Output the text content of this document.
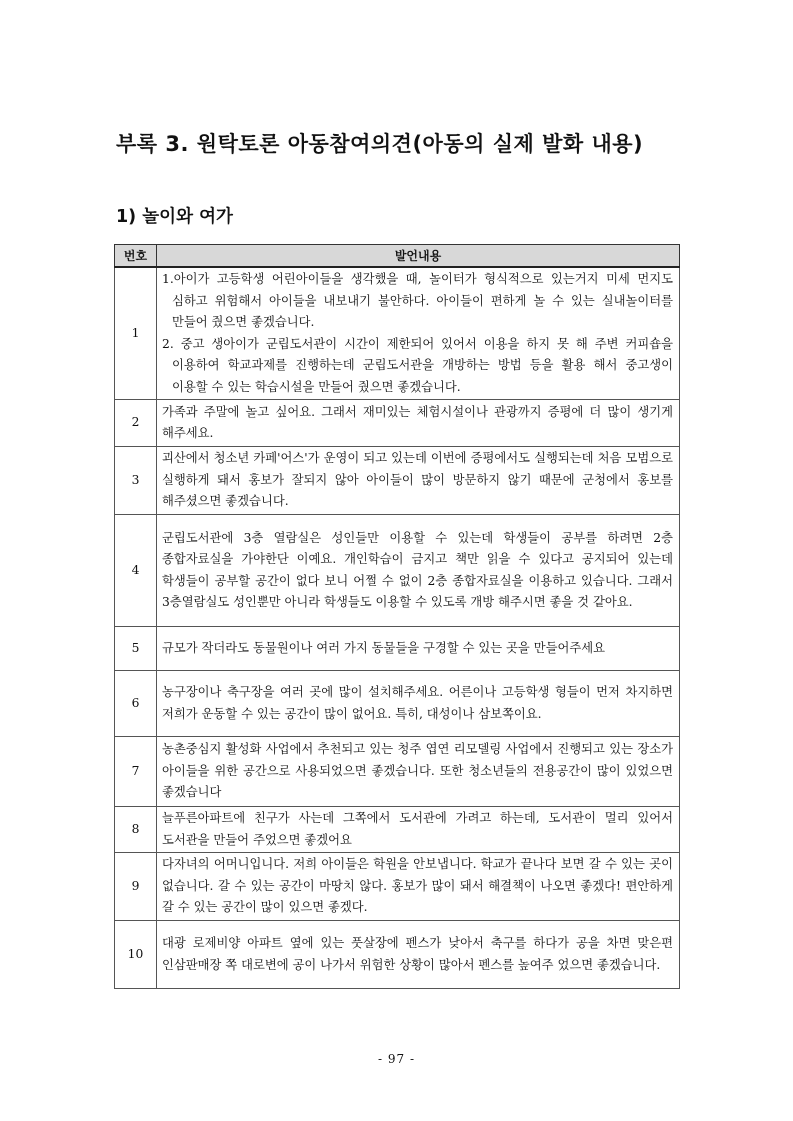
부록 3. 원탁토론 아동참여의견(아동의 실제 발화 내용)
1) 놀이와 여가
번호	발언내용
1	1.아이가 고등학생 어린아이들을 생각했을 때, 놀이터가 형식적으로 있는거지 미세 먼지도 심하고 위험해서 아이들을 내보내기 불안하다. 아이들이 편하게 놀 수 있는 실내놀이터를 만들어 줬으면 좋겠습니다.
2. 중고 생아이가 군립도서관이 시간이 제한되어 있어서 이용을 하지 못 해 주변 커피숍을 이용하여 학교과제를 진행하는데 군립도서관을 개방하는 방법 등을 활용 해서 중고생이 이용할 수 있는 학습시설을 만들어 줬으면 좋겠습니다.

2	가족과 주말에 놀고 싶어요. 그래서 재미있는 체험시설이나 관광까지 증평에 더 많이 생기게 해주세요.
3	괴산에서 청소년 카페'어스'가 운영이 되고 있는데 이번에 증평에서도 실행되는데 처음 모범으로 실행하게 돼서 홍보가 잘되지 않아 아이들이 많이 방문하지 않기 때문에 군청에서 홍보를 해주셨으면 좋겠습니다.
4	군립도서관에 3층 열람실은 성인들만 이용할 수 있는데 학생들이 공부를 하려면 2층 종합자료실을 가야한단 이예요. 개인학습이 금지고 책만 읽을 수 있다고 공지되어 있는데 학생들이 공부할 공간이 없다 보니 어쩔 수 없이 2층 종합자료실을 이용하고 있습니다. 그래서 3층열람실도 성인뿐만 아니라 학생들도 이용할 수 있도록 개방 해주시면 좋을 것 같아요.
5	규모가 작더라도 동물원이나 여러 가지 동물들을 구경할 수 있는 곳을 만들어주세요
6	농구장이나 축구장을 여러 곳에 많이 설치해주세요. 어른이나 고등학생 형들이 먼저 차지하면 저희가 운동할 수 있는 공간이 많이 없어요. 특히, 대성이나 삼보쪽이요.
7	농촌중심지 활성화 사업에서 추천되고 있는 청주 엽연 리모델링 사업에서 진행되고 있는 장소가 아이들을 위한 공간으로 사용되었으면 좋겠습니다. 또한 청소년들의 전용공간이 많이 있었으면 좋겠습니다
8	늘푸른아파트에 친구가 사는데 그쪽에서 도서관에 가려고 하는데, 도서관이 멀리 있어서 도서관을 만들어 주었으면 좋겠어요
9	다자녀의 어머니입니다. 저희 아이들은 학원을 안보냅니다. 학교가 끝나다 보면 갈 수 있는 곳이 없습니다. 갈 수 있는 공간이 마땅치 않다. 홍보가 많이 돼서 해결책이 나오면 좋겠다! 편안하게 갈 수 있는 공간이 많이 있으면 좋겠다.
10	대광 로제비양 아파트 옆에 있는 풋살장에 펜스가 낮아서 축구를 하다가 공을 차면 맞은편 인삼판매장 쪽 대로변에 공이 나가서 위험한 상황이 많아서 펜스를 높여주 었으면 좋겠습니다.
- 97 -
